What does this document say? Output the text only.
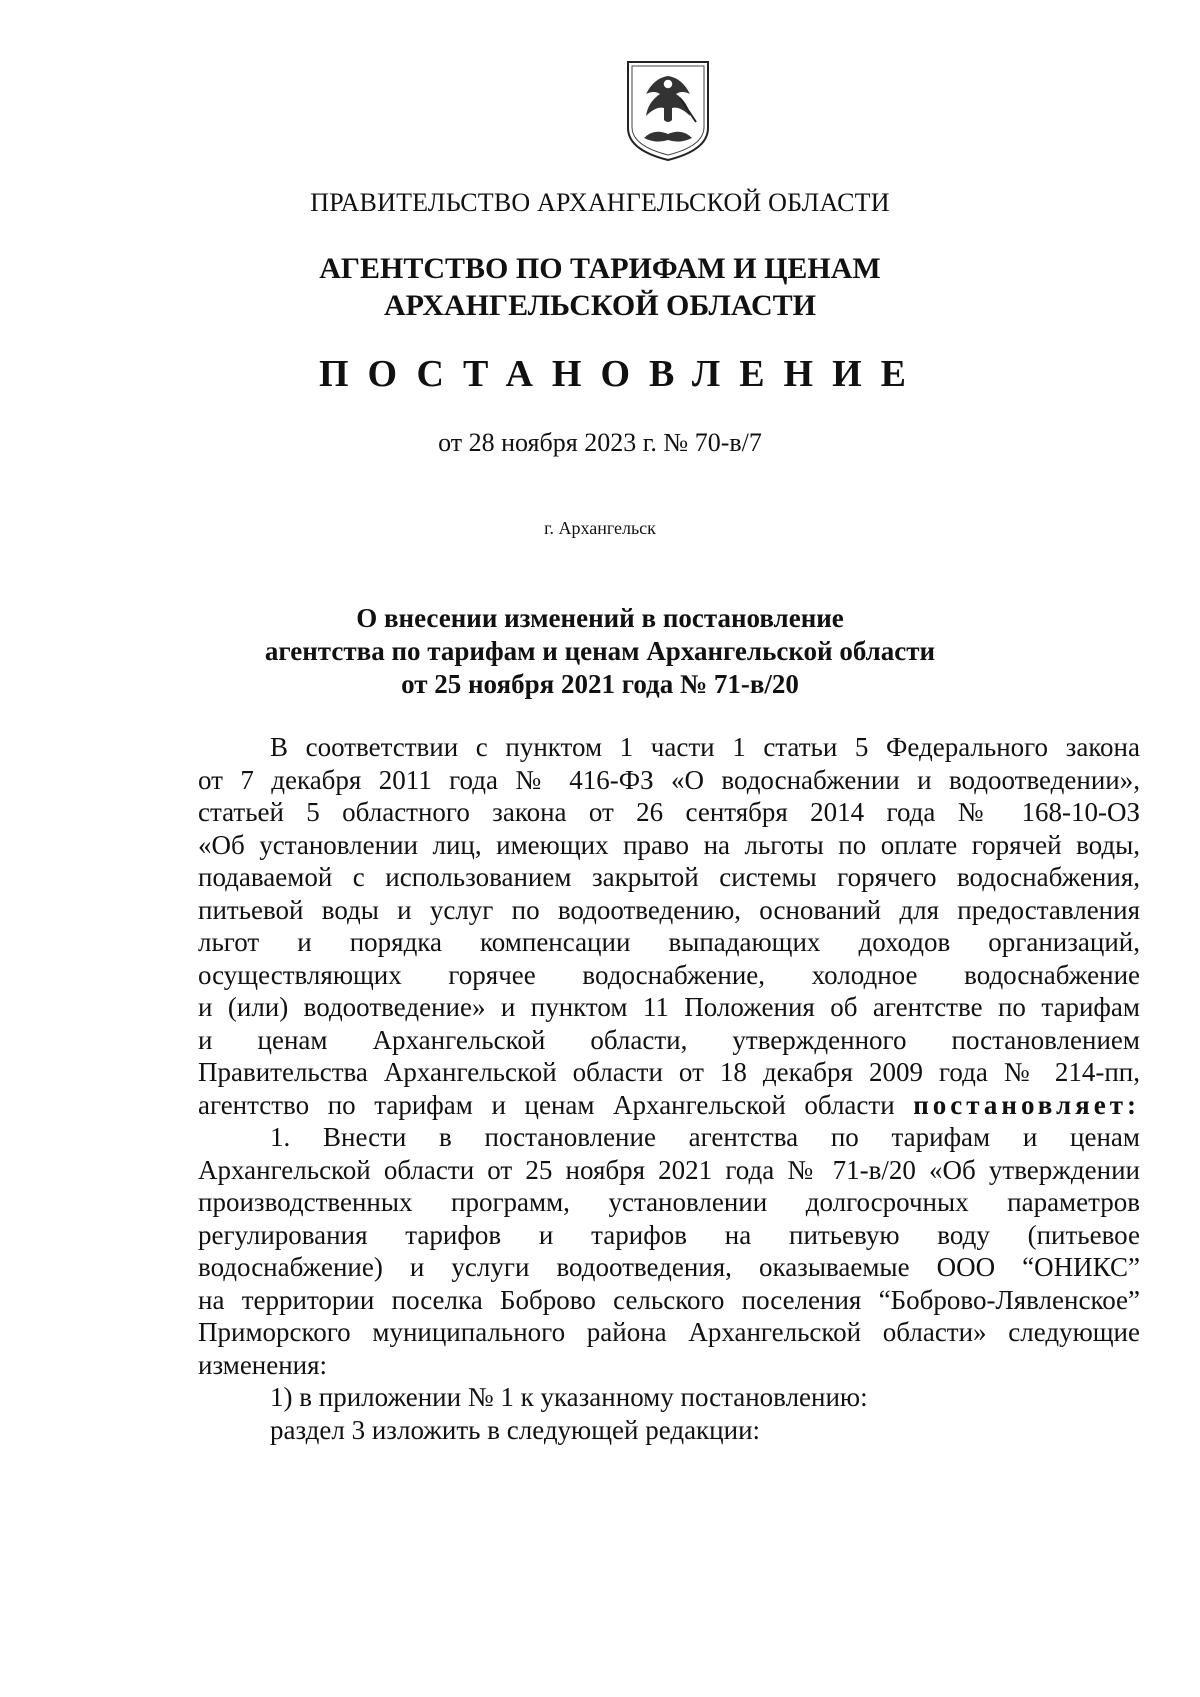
ПРАВИТЕЛЬСТВО АРХАНГЕЛЬСКОЙ ОБЛАСТИ
АГЕНТСТВО ПО ТАРИФАМ И ЦЕНАМ
АРХАНГЕЛЬСКОЙ ОБЛАСТИ
ПОСТАНОВЛЕНИЕ
от 28 ноября 2023 г. № 70-в/7
г. Архангельск
О внесении изменений в постановление
агентства по тарифам и ценам Архангельской области
от 25 ноября 2021 года № 71-в/20
В соответствии с пунктом 1 части 1 статьи 5 Федерального закона
от 7 декабря 2011 года № 416-ФЗ «О водоснабжении и водоотведении»,
статьей 5 областного закона от 26 сентября 2014 года № 168-10-ОЗ
«Об установлении лиц, имеющих право на льготы по оплате горячей воды,
подаваемой с использованием закрытой системы горячего водоснабжения,
питьевой воды и услуг по водоотведению, оснований для предоставления
льгот и порядка компенсации выпадающих доходов организаций,
осуществляющих горячее водоснабжение, холодное водоснабжение
и (или) водоотведение» и пунктом 11 Положения об агентстве по тарифам
и ценам Архангельской области, утвержденного постановлением
Правительства Архангельской области от 18 декабря 2009 года № 214-пп,
агентство по тарифам и ценам Архангельской области постановляет:
1. Внести в постановление агентства по тарифам и ценам
Архангельской области от 25 ноября 2021 года № 71-в/20 «Об утверждении
производственных программ, установлении долгосрочных параметров
регулирования тарифов и тарифов на питьевую воду (питьевое
водоснабжение) и услуги водоотведения, оказываемые ООО “ОНИКС”
на территории поселка Боброво сельского поселения “Боброво-Лявленское”
Приморского муниципального района Архангельской области» следующие
изменения:
1) в приложении № 1 к указанному постановлению:
раздел 3 изложить в следующей редакции:
